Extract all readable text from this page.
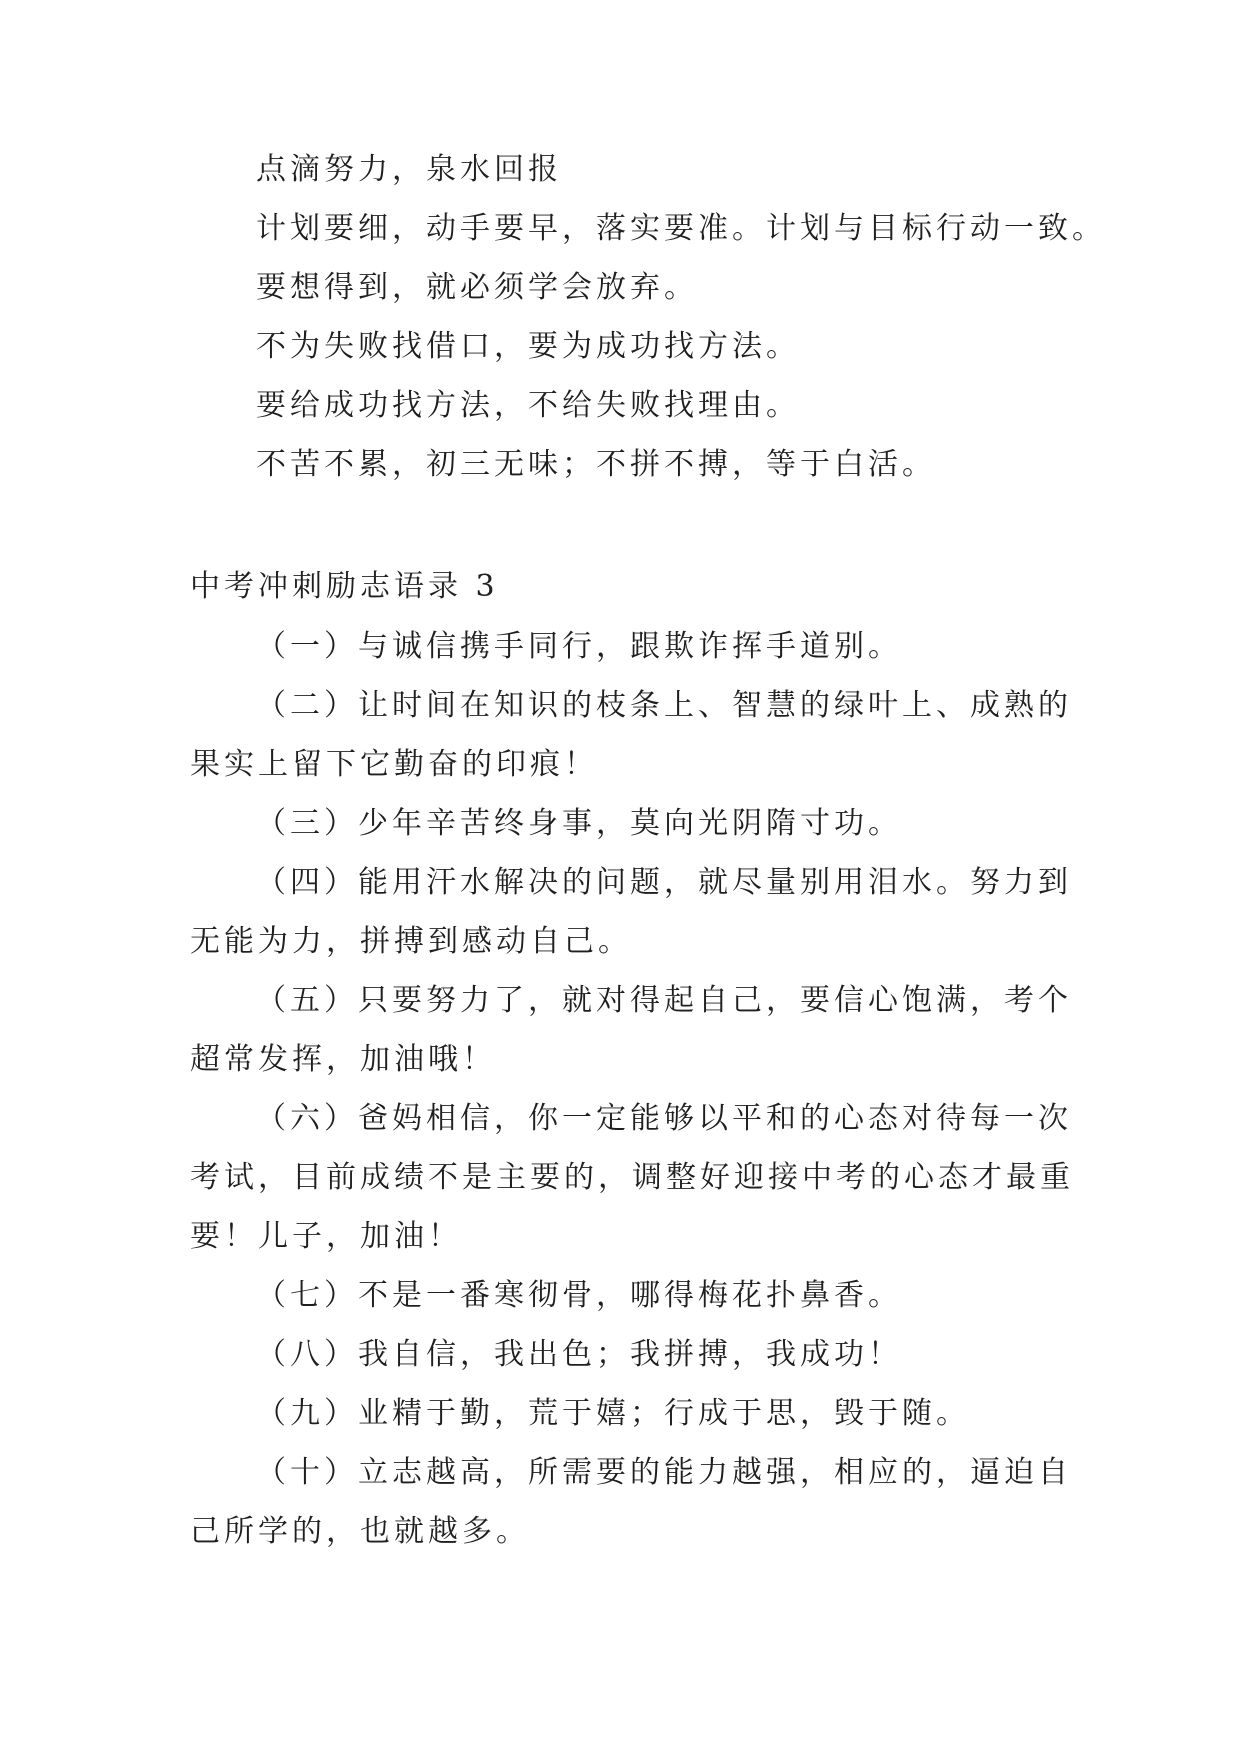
点滴努力，泉水回报
计划要细，动手要早，落实要准。计划与目标行动一致。
要想得到，就必须学会放弃。
不为失败找借口，要为成功找方法。
要给成功找方法，不给失败找理由。
不苦不累，初三无味；不拼不搏，等于白活。
中考冲刺励志语录 3
（一）与诚信携手同行，跟欺诈挥手道别。
（二）让时间在知识的枝条上、智慧的绿叶上、成熟的
果实上留下它勤奋的印痕！
（三）少年辛苦终身事，莫向光阴隋寸功。
（四）能用汗水解决的问题，就尽量别用泪水。努力到
无能为力，拼搏到感动自己。
（五）只要努力了，就对得起自己，要信心饱满，考个
超常发挥，加油哦！
（六）爸妈相信，你一定能够以平和的心态对待每一次
考试，目前成绩不是主要的，调整好迎接中考的心态才最重
要！儿子，加油！
（七）不是一番寒彻骨，哪得梅花扑鼻香。
（八）我自信，我出色；我拼搏，我成功！
（九）业精于勤，荒于嬉；行成于思，毁于随。
（十）立志越高，所需要的能力越强，相应的，逼迫自
己所学的，也就越多。
